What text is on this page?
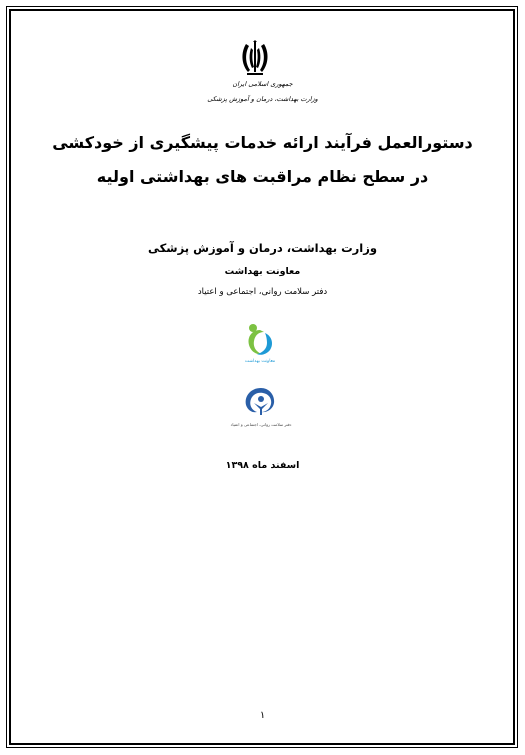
جمهوری اسلامی ایران
وزارت بهداشت، درمان و آموزش پزشکی
دستورالعمل فرآیند ارائه خدمات پیشگیری از خودکشی
در سطح نظام مراقبت های بهداشتی اولیه
وزارت بهداشت، درمان و آموزش پزشکی
معاونت بهداشت
دفتر سلامت روانی، اجتماعی و اعتیاد
معاونت بهداشت
دفتر سلامت روانی، اجتماعی و اعتیاد
اسفند ماه ۱۳۹۸
۱
